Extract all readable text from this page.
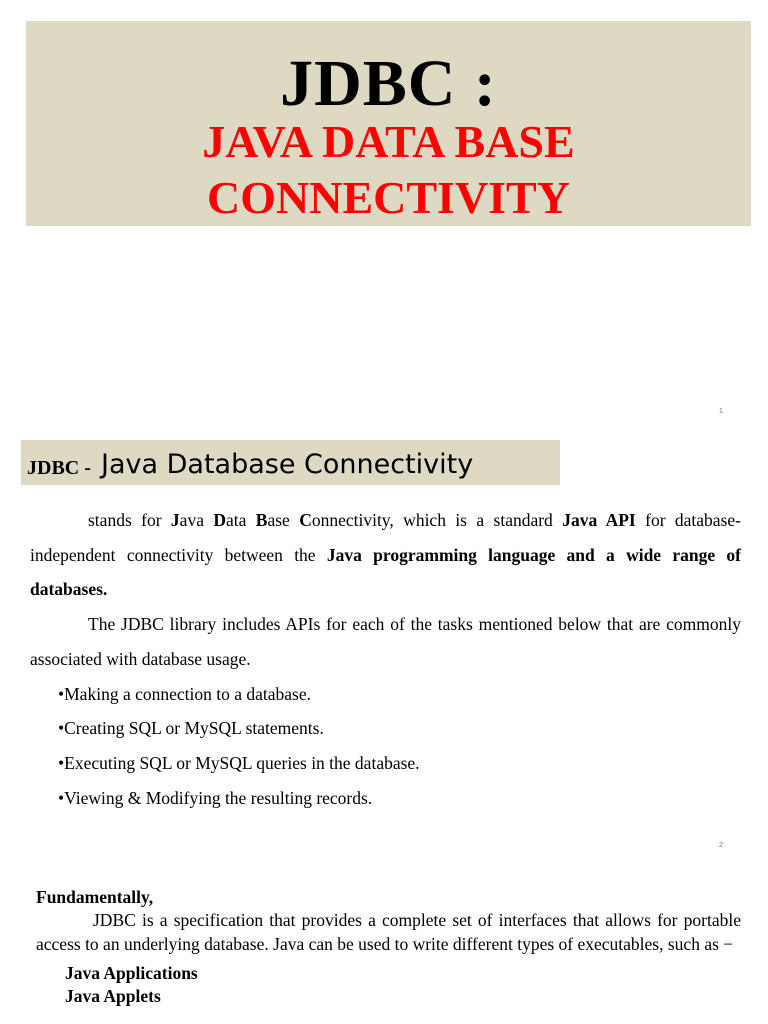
JDBC :
JAVA DATA BASE
CONNECTIVITY
1
JDBC - Java Database Connectivity

stands for Java Data Base Connectivity, which is a standard Java API for database-independent connectivity between the Java programming language and a wide range of databases.

The JDBC library includes APIs for each of the tasks mentioned below that are commonly associated with database usage.

•Making a connection to a database.

•Creating SQL or MySQL statements.

•Executing SQL or MySQL queries in the database.

•Viewing & Modifying the resulting records.

2

Fundamentally,

JDBC is a specification that provides a complete set of interfaces that allows for portable access to an underlying database. Java can be used to write different types of executables, such as −

Java Applications
Java Applets
